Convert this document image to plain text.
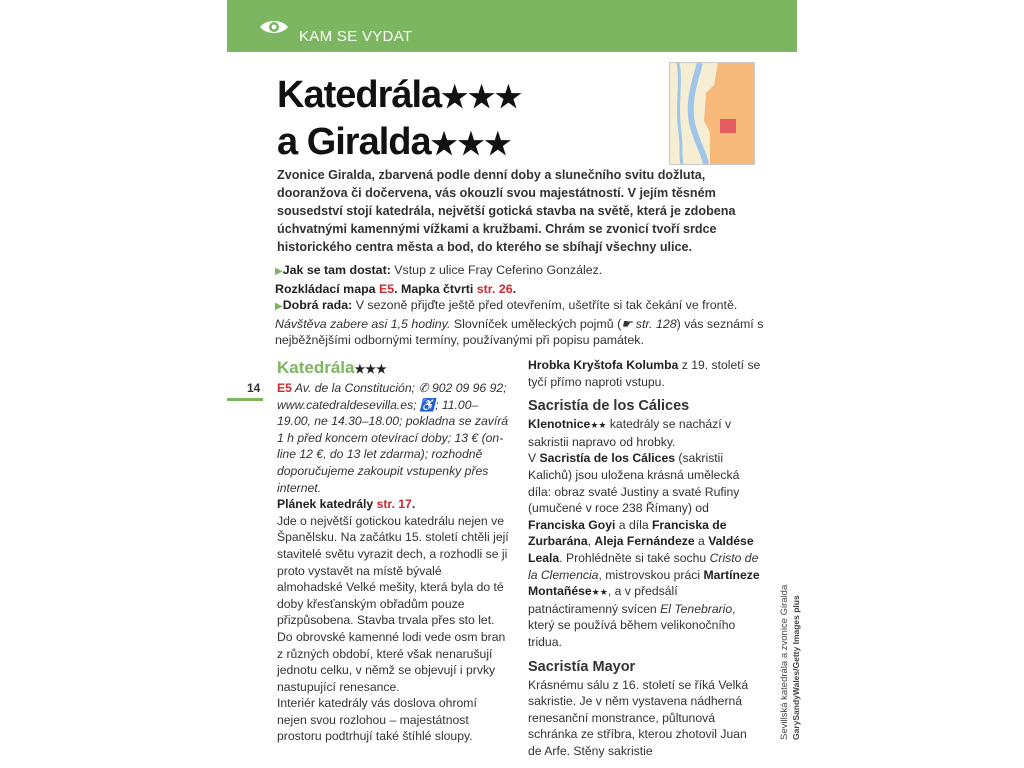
KAM SE VYDAT
Katedrála★★★
a Giralda★★★
Zvonice Giralda, zbarvená podle denní doby a slunečního svitu dožluta, dooranžova či dočervena, vás okouzlí svou majestátností. V jejím těsném sousedství stojí katedrála, největší gotická stavba na světě, která je zdobena úchvatnými kamennými vížkami a kružbami. Chrám se zvonicí tvoří srdce historického centra města a bod, do kterého se sbíhají všechny ulice.

▶Jak se tam dostat: Vstup z ulice Fray Ceferino González.

Rozkládací mapa E5. Mapka čtvrti str. 26.

▶Dobrá rada: V sezoně přijďte ještě před otevřením, ušetříte si tak čekání ve frontě. Návštěva zabere asi 1,5 hodiny. Slovníček uměleckých pojmů (☛ str. 128) vás seznámí s nejběžnějšími odbornými termíny, používanými při popisu památek.

14
Katedrála★★★

E5 Av. de la Constitución; ✆ 902 09 96 92; www.catedraldesevilla.es; ♿; 11.00–19.00, ne 14.30–18.00; pokladna se zavírá 1 h před koncem otevírací doby; 13 € (on-line 12 €, do 13 let zdarma); rozhodně doporučujeme zakoupit vstupenky přes internet.

Plánek katedrály str. 17.

Jde o největší gotickou katedrálu nejen ve Španělsku. Na začátku 15. století chtěli její stavitelé světu vyrazit dech, a rozhodli se ji proto vystavět na místě bývalé almohadské Velké mešity, která byla do té doby křesťanským obřadům pouze přizpůsobena. Stavba trvala přes sto let. Do obrovské kamenné lodi vede osm bran z různých období, které však nenarušují jednotu celku, v němž se objevují i prvky nastupující renesance.

Interiér katedrály vás doslova ohromí nejen svou rozlohou – majestátnost prostoru podtrhují také štíhlé sloupy.

Hrobka Kryštofa Kolumba z 19. století se tyčí přímo naproti vstupu.

Sacristía de los Cálices

Klenotnice★★ katedrály se nachází v sakristii napravo od hrobky.

V Sacristía de los Cálices (sakristii Kalichů) jsou uložena krásná umělecká díla: obraz svaté Justiny a svaté Rufiny (umučené v roce 238 Římany) od Franciska Goyi a díla Franciska de Zurbarána, Aleja Fernándeze a Valdése Leala. Prohlédněte si také sochu Cristo de la Clemencia, mistrovskou práci Martíneze Montañése★★, a v předsálí patnáctiramenný svícen El Tenebrario, který se používá během velikonočního tridua.

Sacristía Mayor

Krásnému sálu z 16. století se říká Velká sakristie. Je v něm vystavena nádherná renesanční monstrance, půltunová schránka ze stříbra, kterou zhotovil Juan de Arfe. Stěny sakristie

Sevillská katedrála a zvonice Giralda GarySandyWales/Getty Images plus
